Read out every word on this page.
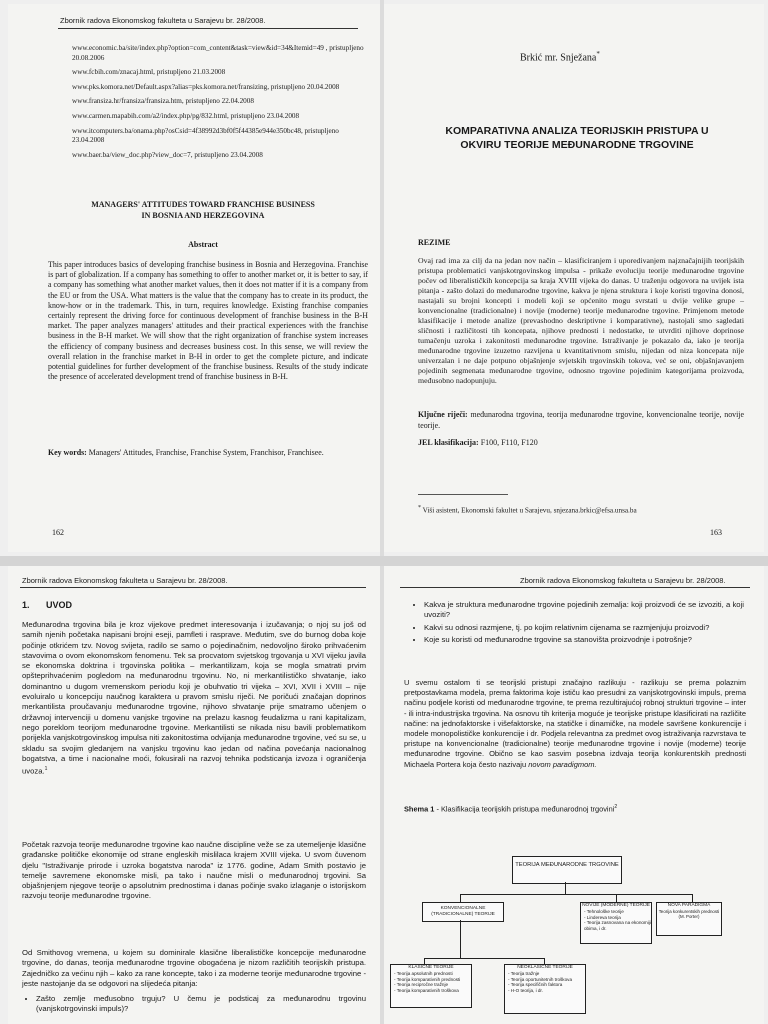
Zbornik radova Ekonomskog fakulteta u Sarajevu br. 28/2008.
www.economic.ba/site/index.php?option=com_content&task=view&id=34&Itemid=49 , pristupljeno 20.08.2006
www.fcbih.com/znacaj.html, pristupljeno 21.03.2008
www.pks.komora.net/Default.aspx?alias=pks.komora.net/fransizing, pristupljeno 20.04.2008
www.fransiza.hr/fransiza/fransiza.htm, pristupljeno 22.04.2008
www.carmen.mapabih.com/a2/index.php/pg/832.html, pristupljeno 23.04.2008
www.itcomputers.ba/onama.php?osCsid=4f38992d3bf0f5f44385e944e350bc48, pristupljeno 23.04.2008
www.baer.ba/view_doc.php?view_doc=7, pristupljeno 23.04.2008
MANAGERS' ATTITUDES TOWARD FRANCHISE BUSINESS IN BOSNIA AND HERZEGOVINA
Abstract
This paper introduces basics of developing franchise business in Bosnia and Herzegovina. Franchise is part of globalization. If a company has something to offer to another market or, it is better to say, if a company has something what another market values, then it does not matter if it is a company from the EU or from the USA. What matters is the value that the company has to create in its product, the know-how or in the trademark. This, in turn, requires knowledge. Existing franchise companies certainly represent the driving force for continuous development of franchise business in the B-H market. The paper analyzes managers' attitudes and their practical experiences with the franchise business in the B-H market. We will show that the right organization of franchise system increases the efficiency of company business and decreases business cost. In this sense, we will review the overall relation in the franchise market in B-H in order to get the complete picture, and indicate potential guidelines for further development of the franchise business. Results of the study indicate the presence of accelerated development trend of franchise business in B-H.
Key words: Managers' Attitudes, Franchise, Franchise System, Franchisor, Franchisee.
162
Brkić mr. Snježana*
KOMPARATIVNA ANALIZA TEORIJSKIH PRISTUPA U OKVIRU TEORIJE MEĐUNARODNE TRGOVINE
REZIME
Ovaj rad ima za cilj da na jedan nov način – klasificiranjem i uporedivanjem najznačajnijih teorijskih pristupa problematici vanjskotrgovinskog impulsa - prikaže evoluciju teorije međunarodne trgovine počev od liberalističkih koncepcija sa kraja XVIII vijeka do danas. U traženju odgovora na uvijek ista pitanja - zašto dolazi do međunarodne trgovine, kakva je njena struktura i koje koristi trgovina donosi, nastajali su brojni koncepti i modeli koji se općenito mogu svrstati u dvije velike grupe – konvencionalne (tradicionalne) i novije (moderne) teorije međunarodne trgovine. Primjenom metode klasifikacije i metode analize (prevashodno deskriptivne i komparativne), nastojali smo sagledati sličnosti i različitosti tih koncepata, njihove prednosti i nedostatke, te utvrditi njihove doprinose tumačenju uzroka i zakonitosti međunarodne trgovine. Istraživanje je pokazalo da, iako je teorija međunarodne trgovine izuzetno razvijena u kvantitativnom smislu, nijedan od niza koncepata nije univerzalan i ne daje potpuno objašnjenje svjetskih trgovinskih tokova, već se oni, objašnjavanjem pojedinih segmenata međunarodne trgovine, odnosno trgovine pojedinim kategorijama proizvoda, međusobno nadopunjuju.
Ključne riječi: međunarodna trgovina, teorija međunarodne trgovine, konvencionalne teorije, novije teorije.
JEL klasifikacija: F100, F110, F120
* Viši asistent, Ekonomski fakultet u Sarajevu, snjezana.brkic@efsa.unsa.ba
163
Zbornik radova Ekonomskog fakulteta u Sarajevu br. 28/2008.
1. UVOD
Međunarodna trgovina bila je kroz vijekove predmet interesovanja i izučavanja; o njoj su još od samih njenih početaka napisani brojni eseji, pamfleti i rasprave. Međutim, sve do burnog doba koje počinje otkrićem tzv. Novog svijeta, radilo se samo o pojedinačnim, nedovoljno široko prihvaćenim stavovima o ovom ekonomskom fenomenu. Tek sa procvatom svjetskog trgovanja u XVI vijeku javila se ekonomska doktrina i trgovinska politika – merkantilizam, koja se mogla smatrati prvim opšteprihvaćenim pogledom na međunarodnu trgovinu. No, ni merkantilističko shvatanje, iako dominantno u dugom vremenskom periodu koji je obuhvatio tri vijeka – XVI, XVII i XVIII – nije evoluiralo u koncepciju naučnog karaktera u pravom smislu riječi. Ne poričući značajan doprinos merkantilista proučavanju međunarodne trgovine, njihovo shvatanje prije smatramo učenjem o državnoj intervenciji u domenu vanjske trgovine na prelazu kasnog feudalizma u rani kapitalizam, nego poreklom teorijom međunarodne trgovine. Merkantilisti se nikada nisu bavili problematikom porijekla vanjskotrgovinskog impulsa niti zakonitostima odvijanja međunarodne trgovine, već su se, u skladu sa svojim gledanjem na vanjsku trgovinu kao jedan od načina povećanja nacionalnog bogatstva, a time i nacionalne moći, fokusirali na razvoj tehnika podsticanja izvoza i ograničenja uvoza.$^1$
Početak razvoja teorije međunarodne trgovine kao naučne discipline veže se za utemeljenje klasične građanske političke ekonomije od strane engleskih mislilaca krajem XVIII vijeka. U svom čuvenom djelu "Istraživanje prirode i uzroka bogatstva naroda" iz 1776. godine, Adam Smith postavio je temelje savremene ekonomske misli, pa tako i naučne misli o međunarodnoj trgovini. Sa objašnjenjem njegove teorije o apsolutnim prednostima i danas počinje svako izlaganje o istorijskom razvoju teorije međunarodne trgovine.
Od Smithovog vremena, u kojem su dominirale klasične liberalističke koncepcije međunarodne trgovine, do danas, teorija međunarodne trgovine obogaćena je nizom različitih teorijskih pristupa. Zajedničko za većinu njih – kako za rane koncepte, tako i za moderne teorije međunarodne trgovine - jeste nastojanje da se odgovori na slijedeća pitanja:
• Zašto zemlje međusobno trguju? U čemu je podsticaj za međunarodnu trgovinu (vanjskotrgovinski impuls)?
Zbornik radova Ekonomskog fakulteta u Sarajevu br. 28/2008.
• Kakva je struktura međunarodne trgovine pojedinih zemalja: koji proizvodi će se izvoziti, a koji uvoziti?
• Kakvi su odnosi razmjene, tj. po kojim relativnim cijenama se razmjenjuju proizvodi?
• Koje su koristi od međunarodne trgovine sa stanovišta proizvodnje i potrošnje?
U svemu ostalom ti se teorijski pristupi značajno razlikuju - razlikuju se prema polaznim pretpostavkama modela, prema faktorima koje ističu kao presudni za vanjskotrgovinski impuls, prema načinu podjele koristi od međunarodne trgovine, te prema rezultirajućoj robnoj strukturi trgovine – inter - ili intra-industrijska trgovina. Na osnovu tih kriterija moguće je teorijske pristupe klasificirati na različite načine: na jednofaktorske i višefaktorske, na statičke i dinamičke, na modele savršene konkurencije i modele monopolističke konkurencije i dr. Podjela relevantna za predmet ovog istraživanja razvrstava te pristupe na konvencionalne (tradicionalne) teorije međunarodne trgovine i novije (moderne) teorije međunarodne trgovine. Obično se kao sasvim posebna izdvaja teorija konkurentskih prednosti Michaela Portera koja često nazivaju novom paradigmom.
Shema 1 - Klasifikacija teorijskih pristupa međunarodnoj trgovini$^2$
TEORIJA MEĐUNARODNE TRGOVINE
KONVENCIONALNE (TRADICIONALNE) TEORIJE
NOVIJE (MODERNE) TEORIJE
- Tehnološke teorije
- Lindereva teorija
- Teorija zasnovana na ekonomiji obima, i dr.
NOVA PARADIGMA
Teorija konkurentskih prednosti
(M. Porter)
KLASIČNE TEORIJE
- Teorija apsolutnih prednosti
- Teorija komparativnih prednosti
- Teorija recipročne tražnje
- Teorija komparativnih troškova
NEOKLASIČNE TEORIJE
- Teorija tražnje
- Teorija oportunitetnih troškova
- Teorija specifičnih faktora
- H-O teorija, i dr.
